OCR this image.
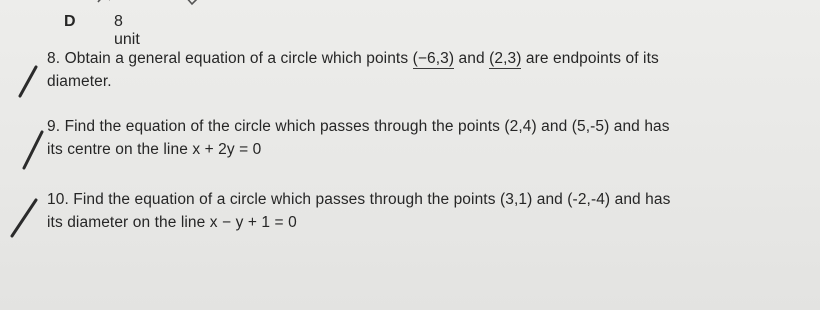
D 8 unit
8. Obtain a general equation of a circle which points (−6,3) and (2,3) are endpoints of its
diameter.
9. Find the equation of the circle which passes through the points (2,4) and (5,-5) and has
its centre on the line x + 2y = 0
10. Find the equation of a circle which passes through the points (3,1) and (-2,-4) and has
its diameter on the line x − y + 1 = 0
